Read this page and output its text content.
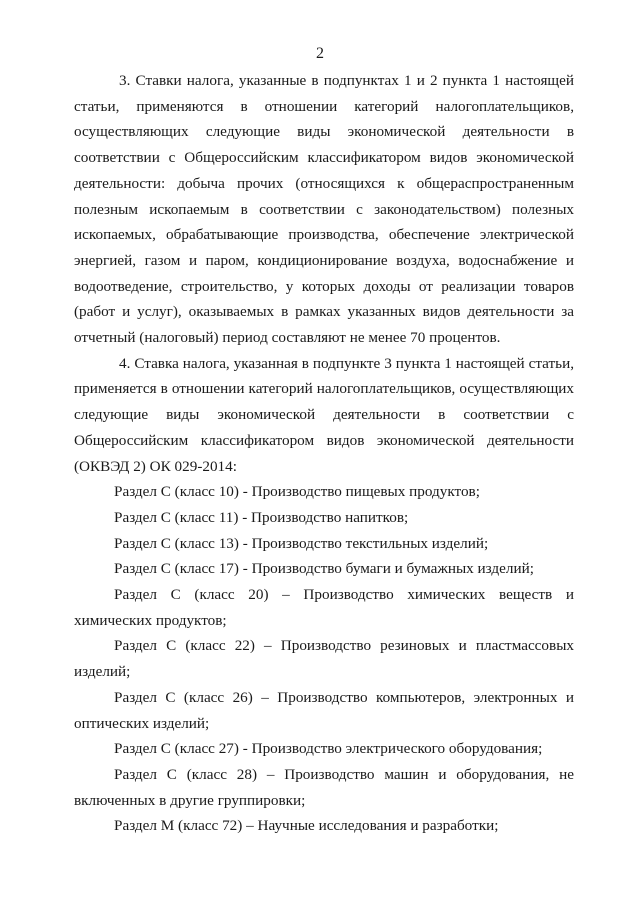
2

3. Ставки налога, указанные в подпунктах 1 и 2 пункта 1 настоящей статьи, применяются в отношении категорий налогоплательщиков, осуществляющих следующие виды экономической деятельности в соответствии с Общероссийским классификатором видов экономической деятельности: добыча прочих (относящихся к общераспространенным полезным ископаемым в соответствии с законодательством) полезных ископаемых, обрабатывающие производства, обеспечение электрической энергией, газом и паром, кондиционирование воздуха, водоснабжение и водоотведение, строительство, у которых доходы от реализации товаров (работ и услуг), оказываемых в рамках указанных видов деятельности за отчетный (налоговый) период составляют не менее 70 процентов.

4. Ставка налога, указанная в подпункте 3 пункта 1 настоящей статьи, применяется в отношении категорий налогоплательщиков, осуществляющих следующие виды экономической деятельности в соответствии с Общероссийским классификатором видов экономической деятельности (ОКВЭД 2) ОК 029-2014:

Раздел С (класс 10) - Производство пищевых продуктов;

Раздел С (класс 11) - Производство напитков;

Раздел С (класс 13) - Производство текстильных изделий;

Раздел С (класс 17) - Производство бумаги и бумажных изделий;

Раздел С (класс 20) – Производство химических веществ и химических продуктов;

Раздел С (класс 22) – Производство резиновых и пластмассовых изделий;

Раздел С (класс 26) – Производство компьютеров, электронных и оптических изделий;

Раздел С (класс 27) - Производство электрического оборудования;

Раздел С (класс 28) – Производство машин и оборудования, не включенных в другие группировки;

Раздел М (класс 72) – Научные исследования и разработки;
